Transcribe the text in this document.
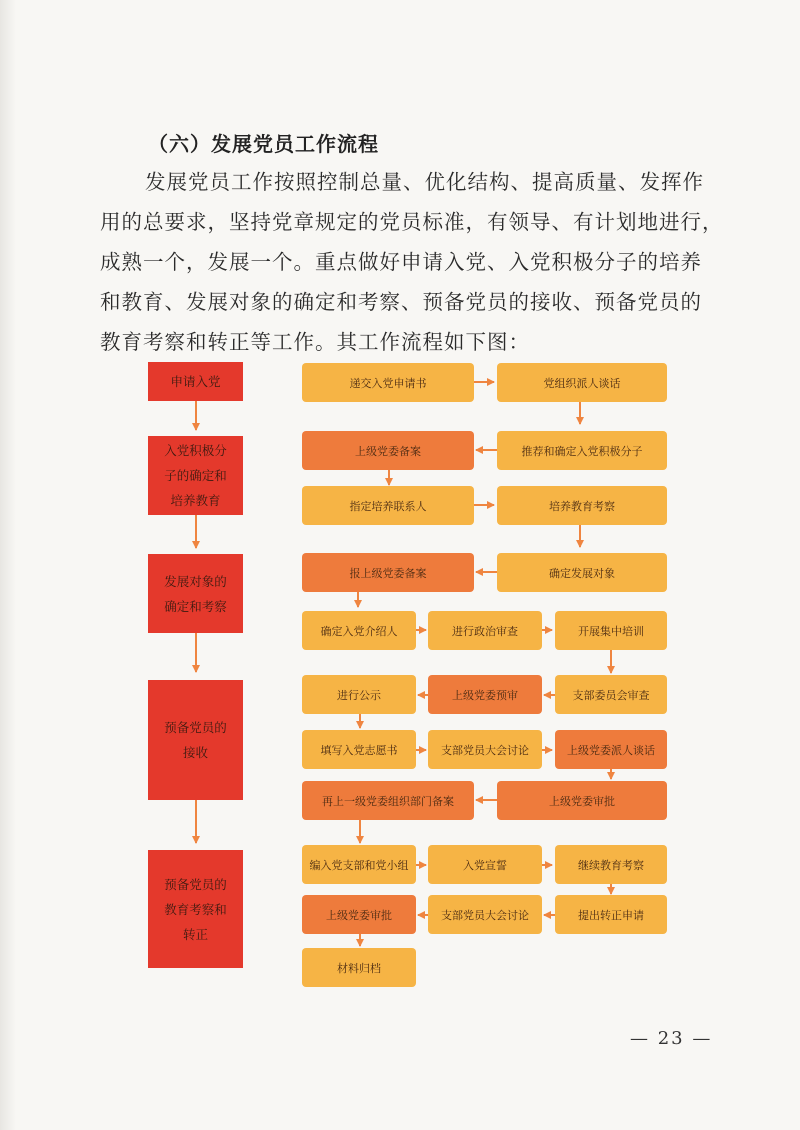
（六）发展党员工作流程
发展党员工作按照控制总量、优化结构、提高质量、发挥作
用的总要求，坚持党章规定的党员标准，有领导、有计划地进行，
成熟一个，发展一个。重点做好申请入党、入党积极分子的培养
和教育、发展对象的确定和考察、预备党员的接收、预备党员的
教育考察和转正等工作。其工作流程如下图：
申请入党
入党积极分
子的确定和
培养教育
发展对象的
确定和考察
预备党员的
接收
预备党员的
教育考察和
转正
递交入党申请书	党组织派人谈话
上级党委备案	推荐和确定入党积极分子
指定培养联系人	培养教育考察
报上级党委备案	确定发展对象
确定入党介绍人	进行政治审查	开展集中培训
进行公示	上级党委预审	支部委员会审查
填写入党志愿书	支部党员大会讨论	上级党委派人谈话
再上一级党委组织部门备案	上级党委审批
编入党支部和党小组	入党宣誓	继续教育考察
上级党委审批	支部党员大会讨论	提出转正申请
材料归档
— 23 —
